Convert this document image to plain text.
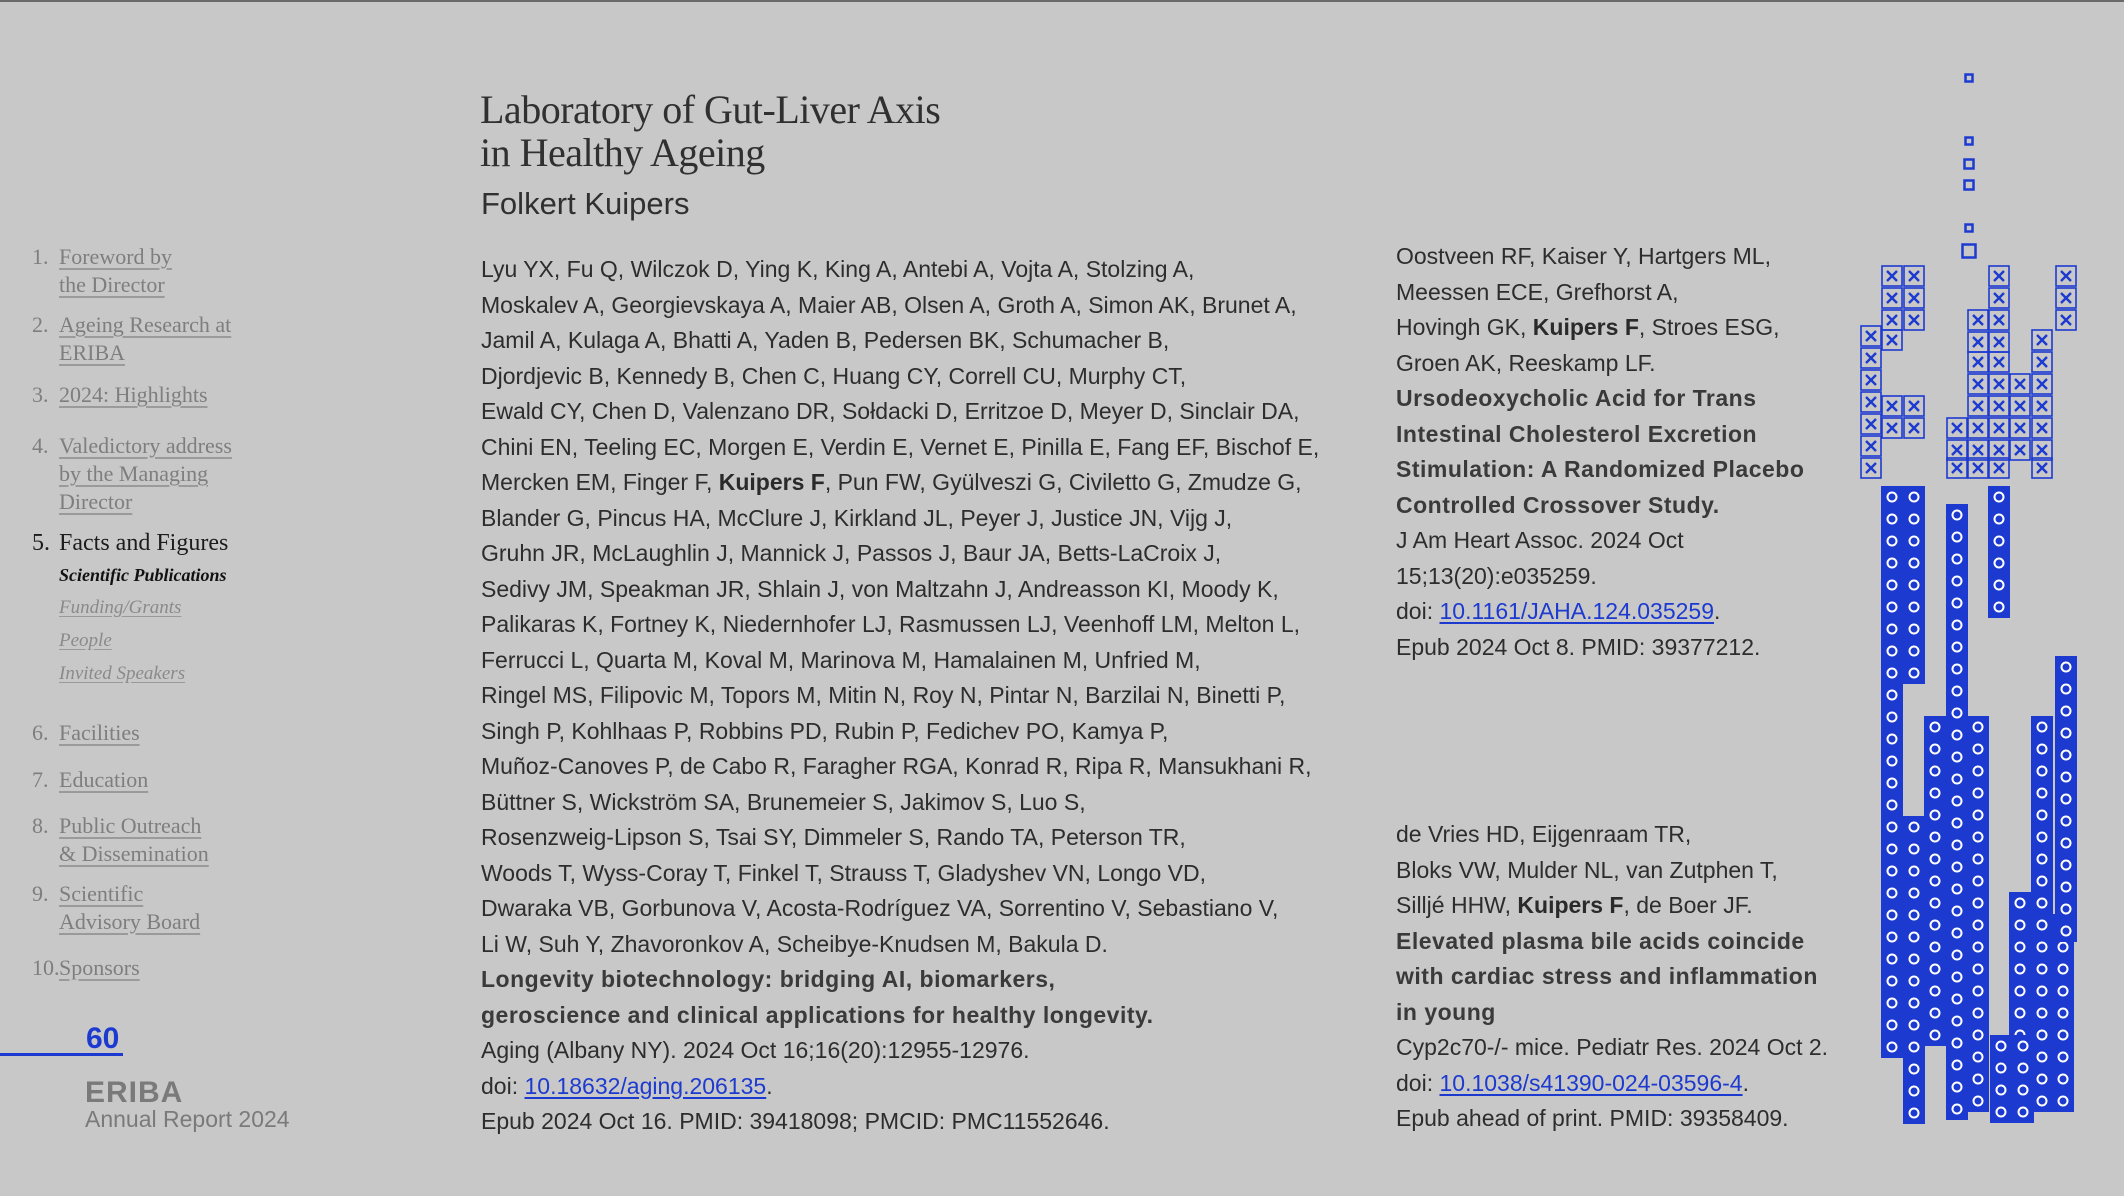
1. Foreword by
the Director
2. Ageing Research at
ERIBA
3. 2024: Highlights
4. Valedictory address
by the Managing
Director
5. Facts and Figures
6. Facilities
7. Education
8. Public Outreach
& Dissemination
9. Scientific
Advisory Board
10. Sponsors
Scientific Publications
Funding/Grants
People
Invited Speakers
60
ERIBA
Annual Report 2024
Laboratory of Gut-Liver Axis
in Healthy Ageing
Folkert Kuipers
Lyu YX, Fu Q, Wilczok D, Ying K, King A, Antebi A, Vojta A, Stolzing A,
Moskalev A, Georgievskaya A, Maier AB, Olsen A, Groth A, Simon AK, Brunet A,
Jamil A, Kulaga A, Bhatti A, Yaden B, Pedersen BK, Schumacher B,
Djordjevic B, Kennedy B, Chen C, Huang CY, Correll CU, Murphy CT,
Ewald CY, Chen D, Valenzano DR, Sołdacki D, Erritzoe D, Meyer D, Sinclair DA,
Chini EN, Teeling EC, Morgen E, Verdin E, Vernet E, Pinilla E, Fang EF, Bischof E,
Mercken EM, Finger F, Kuipers F, Pun FW, Gyülveszi G, Civiletto G, Zmudze G,
Blander G, Pincus HA, McClure J, Kirkland JL, Peyer J, Justice JN, Vijg J,
Gruhn JR, McLaughlin J, Mannick J, Passos J, Baur JA, Betts-LaCroix J,
Sedivy JM, Speakman JR, Shlain J, von Maltzahn J, Andreasson KI, Moody K,
Palikaras K, Fortney K, Niedernhofer LJ, Rasmussen LJ, Veenhoff LM, Melton L,
Ferrucci L, Quarta M, Koval M, Marinova M, Hamalainen M, Unfried M,
Ringel MS, Filipovic M, Topors M, Mitin N, Roy N, Pintar N, Barzilai N, Binetti P,
Singh P, Kohlhaas P, Robbins PD, Rubin P, Fedichev PO, Kamya P,
Muñoz-Canoves P, de Cabo R, Faragher RGA, Konrad R, Ripa R, Mansukhani R,
Büttner S, Wickström SA, Brunemeier S, Jakimov S, Luo S,
Rosenzweig-Lipson S, Tsai SY, Dimmeler S, Rando TA, Peterson TR,
Woods T, Wyss-Coray T, Finkel T, Strauss T, Gladyshev VN, Longo VD,
Dwaraka VB, Gorbunova V, Acosta-Rodríguez VA, Sorrentino V, Sebastiano V,
Li W, Suh Y, Zhavoronkov A, Scheibye-Knudsen M, Bakula D.
Longevity biotechnology: bridging AI, biomarkers,
geroscience and clinical applications for healthy longevity.
Aging (Albany NY). 2024 Oct 16;16(20):12955-12976.
doi: 10.18632/aging.206135.
Epub 2024 Oct 16. PMID: 39418098; PMCID: PMC11552646.
Oostveen RF, Kaiser Y, Hartgers ML,
Meessen ECE, Grefhorst A,
Hovingh GK, Kuipers F, Stroes ESG,
Groen AK, Reeskamp LF.
Ursodeoxycholic Acid for Trans
Intestinal Cholesterol Excretion
Stimulation: A Randomized Placebo
Controlled Crossover Study.
J Am Heart Assoc. 2024 Oct
15;13(20):e035259.
doi: 10.1161/JAHA.124.035259.
Epub 2024 Oct 8. PMID: 39377212.
de Vries HD, Eijgenraam TR,
Bloks VW, Mulder NL, van Zutphen T,
Silljé HHW, Kuipers F, de Boer JF.
Elevated plasma bile acids coincide
with cardiac stress and inflammation
in young
Cyp2c70-/- mice. Pediatr Res. 2024 Oct 2.
doi: 10.1038/s41390-024-03596-4.
Epub ahead of print. PMID: 39358409.
